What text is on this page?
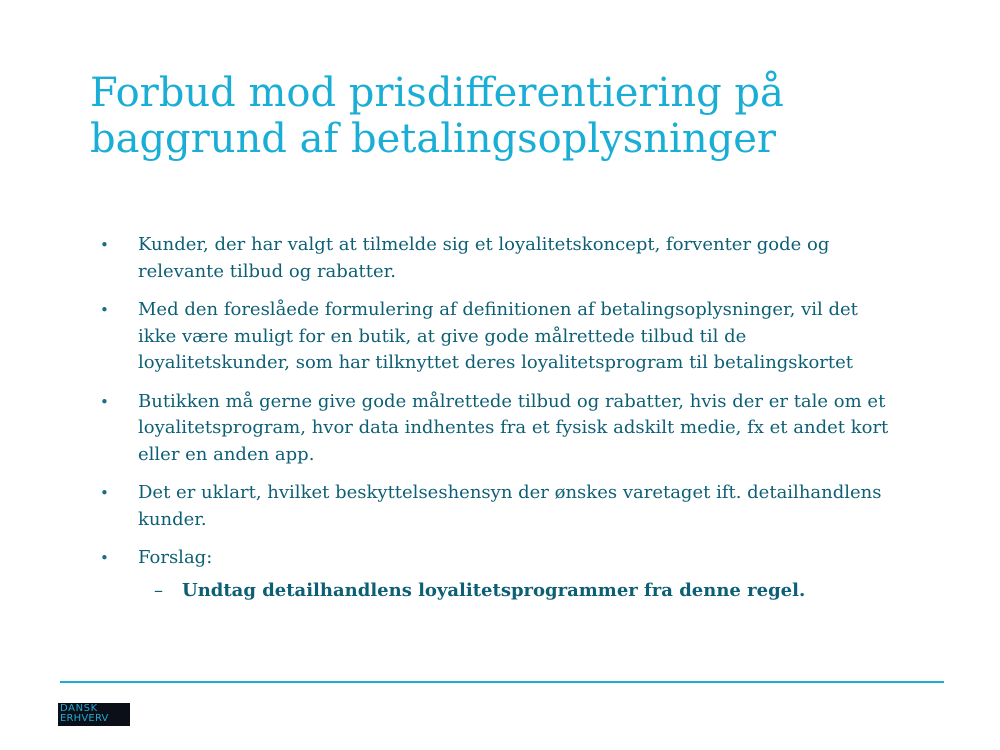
Forbud mod prisdifferentiering på baggrund af betalingsoplysninger
• Kunder, der har valgt at tilmelde sig et loyalitetskoncept, forventer gode og relevante tilbud og rabatter.
• Med den foreslåede formulering af definitionen af betalingsoplysninger, vil det ikke være muligt for en butik, at give gode målrettede tilbud til de loyalitetskunder, som har tilknyttet deres loyalitetsprogram til betalingskortet
• Butikken må gerne give gode målrettede tilbud og rabatter, hvis der er tale om et loyalitetsprogram, hvor data indhentes fra et fysisk adskilt medie, fx et andet kort eller en anden app.
• Det er uklart, hvilket beskyttelseshensyn der ønskes varetaget ift. detailhandlens kunder.
• Forslag:
– Undtag detailhandlens loyalitetsprogrammer fra denne regel.
DANSK
ERHVERV
